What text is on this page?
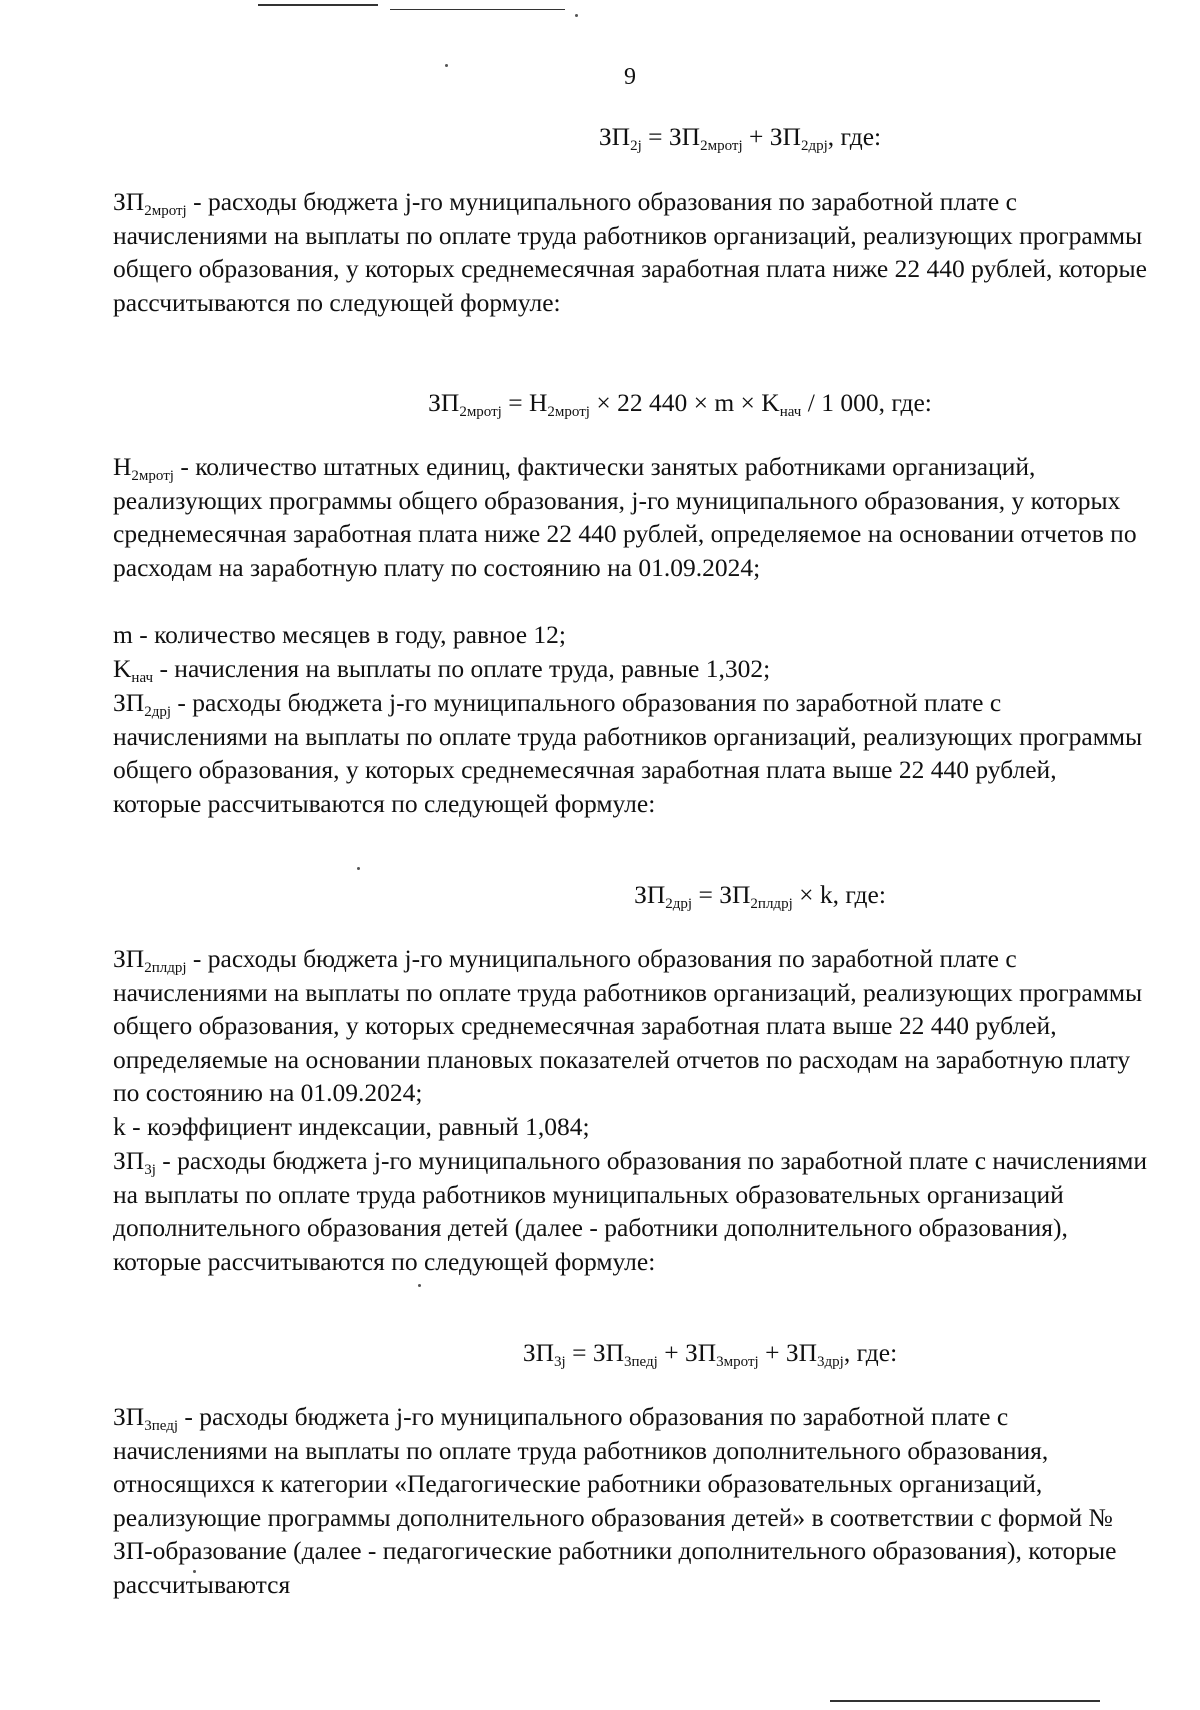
9
$ЗП_{2j} = ЗП_{2мротj} + ЗП_{2дрj}$, где:
$ЗП_{2мротj}$ - расходы бюджета j-го муниципального образования по заработной плате с начислениями на выплаты по оплате труда работников организаций, реализующих программы общего образования, у которых среднемесячная заработная плата ниже 22 440 рублей, которые рассчитываются по следующей формуле:
$ЗП_{2мротj} = Н_{2мротj} \times 22$ $440 \times m \times K_{нач} / 1$ 000, где:
$Н_{2мротj}$ - количество штатных единиц, фактически занятых работниками организаций, реализующих программы общего образования, j-го муниципального образования, у которых среднемесячная заработная плата ниже 22 440 рублей, определяемое на основании отчетов по расходам на заработную плату по состоянию на 01.09.2024;
m - количество месяцев в году, равное 12;
$K_{нач}$ - начисления на выплаты по оплате труда, равные 1,302;
$ЗП_{2дрj}$ - расходы бюджета j-го муниципального образования по заработной плате с начислениями на выплаты по оплате труда работников организаций, реализующих программы общего образования, у которых среднемесячная заработная плата выше 22 440 рублей, которые рассчитываются по следующей формуле:
$ЗП_{2дрj} = ЗП_{2плдрj} \times k$, где:
$ЗП_{2плдрj}$ - расходы бюджета j-го муниципального образования по заработной плате с начислениями на выплаты по оплате труда работников организаций, реализующих программы общего образования, у которых среднемесячная заработная плата выше 22 440 рублей, определяемые на основании плановых показателей отчетов по расходам на заработную плату по состоянию на 01.09.2024;
k - коэффициент индексации, равный 1,084;
$ЗП_{3j}$ - расходы бюджета j-го муниципального образования по заработной плате с начислениями на выплаты по оплате труда работников муниципальных образовательных организаций дополнительного образования детей (далее - работники дополнительного образования), которые рассчитываются по следующей формуле:
$ЗП_{3j} = ЗП_{3педj} + ЗП_{3мротj} + ЗП_{3дрj}$, где:
$ЗП_{3педj}$ - расходы бюджета j-го муниципального образования по заработной плате с начислениями на выплаты по оплате труда работников дополнительного образования, относящихся к категории «Педагогические работники образовательных организаций, реализующие программы дополнительного образования детей» в соответствии с формой № ЗП-образование (далее - педагогические работники дополнительного образования), которые рассчитываются
